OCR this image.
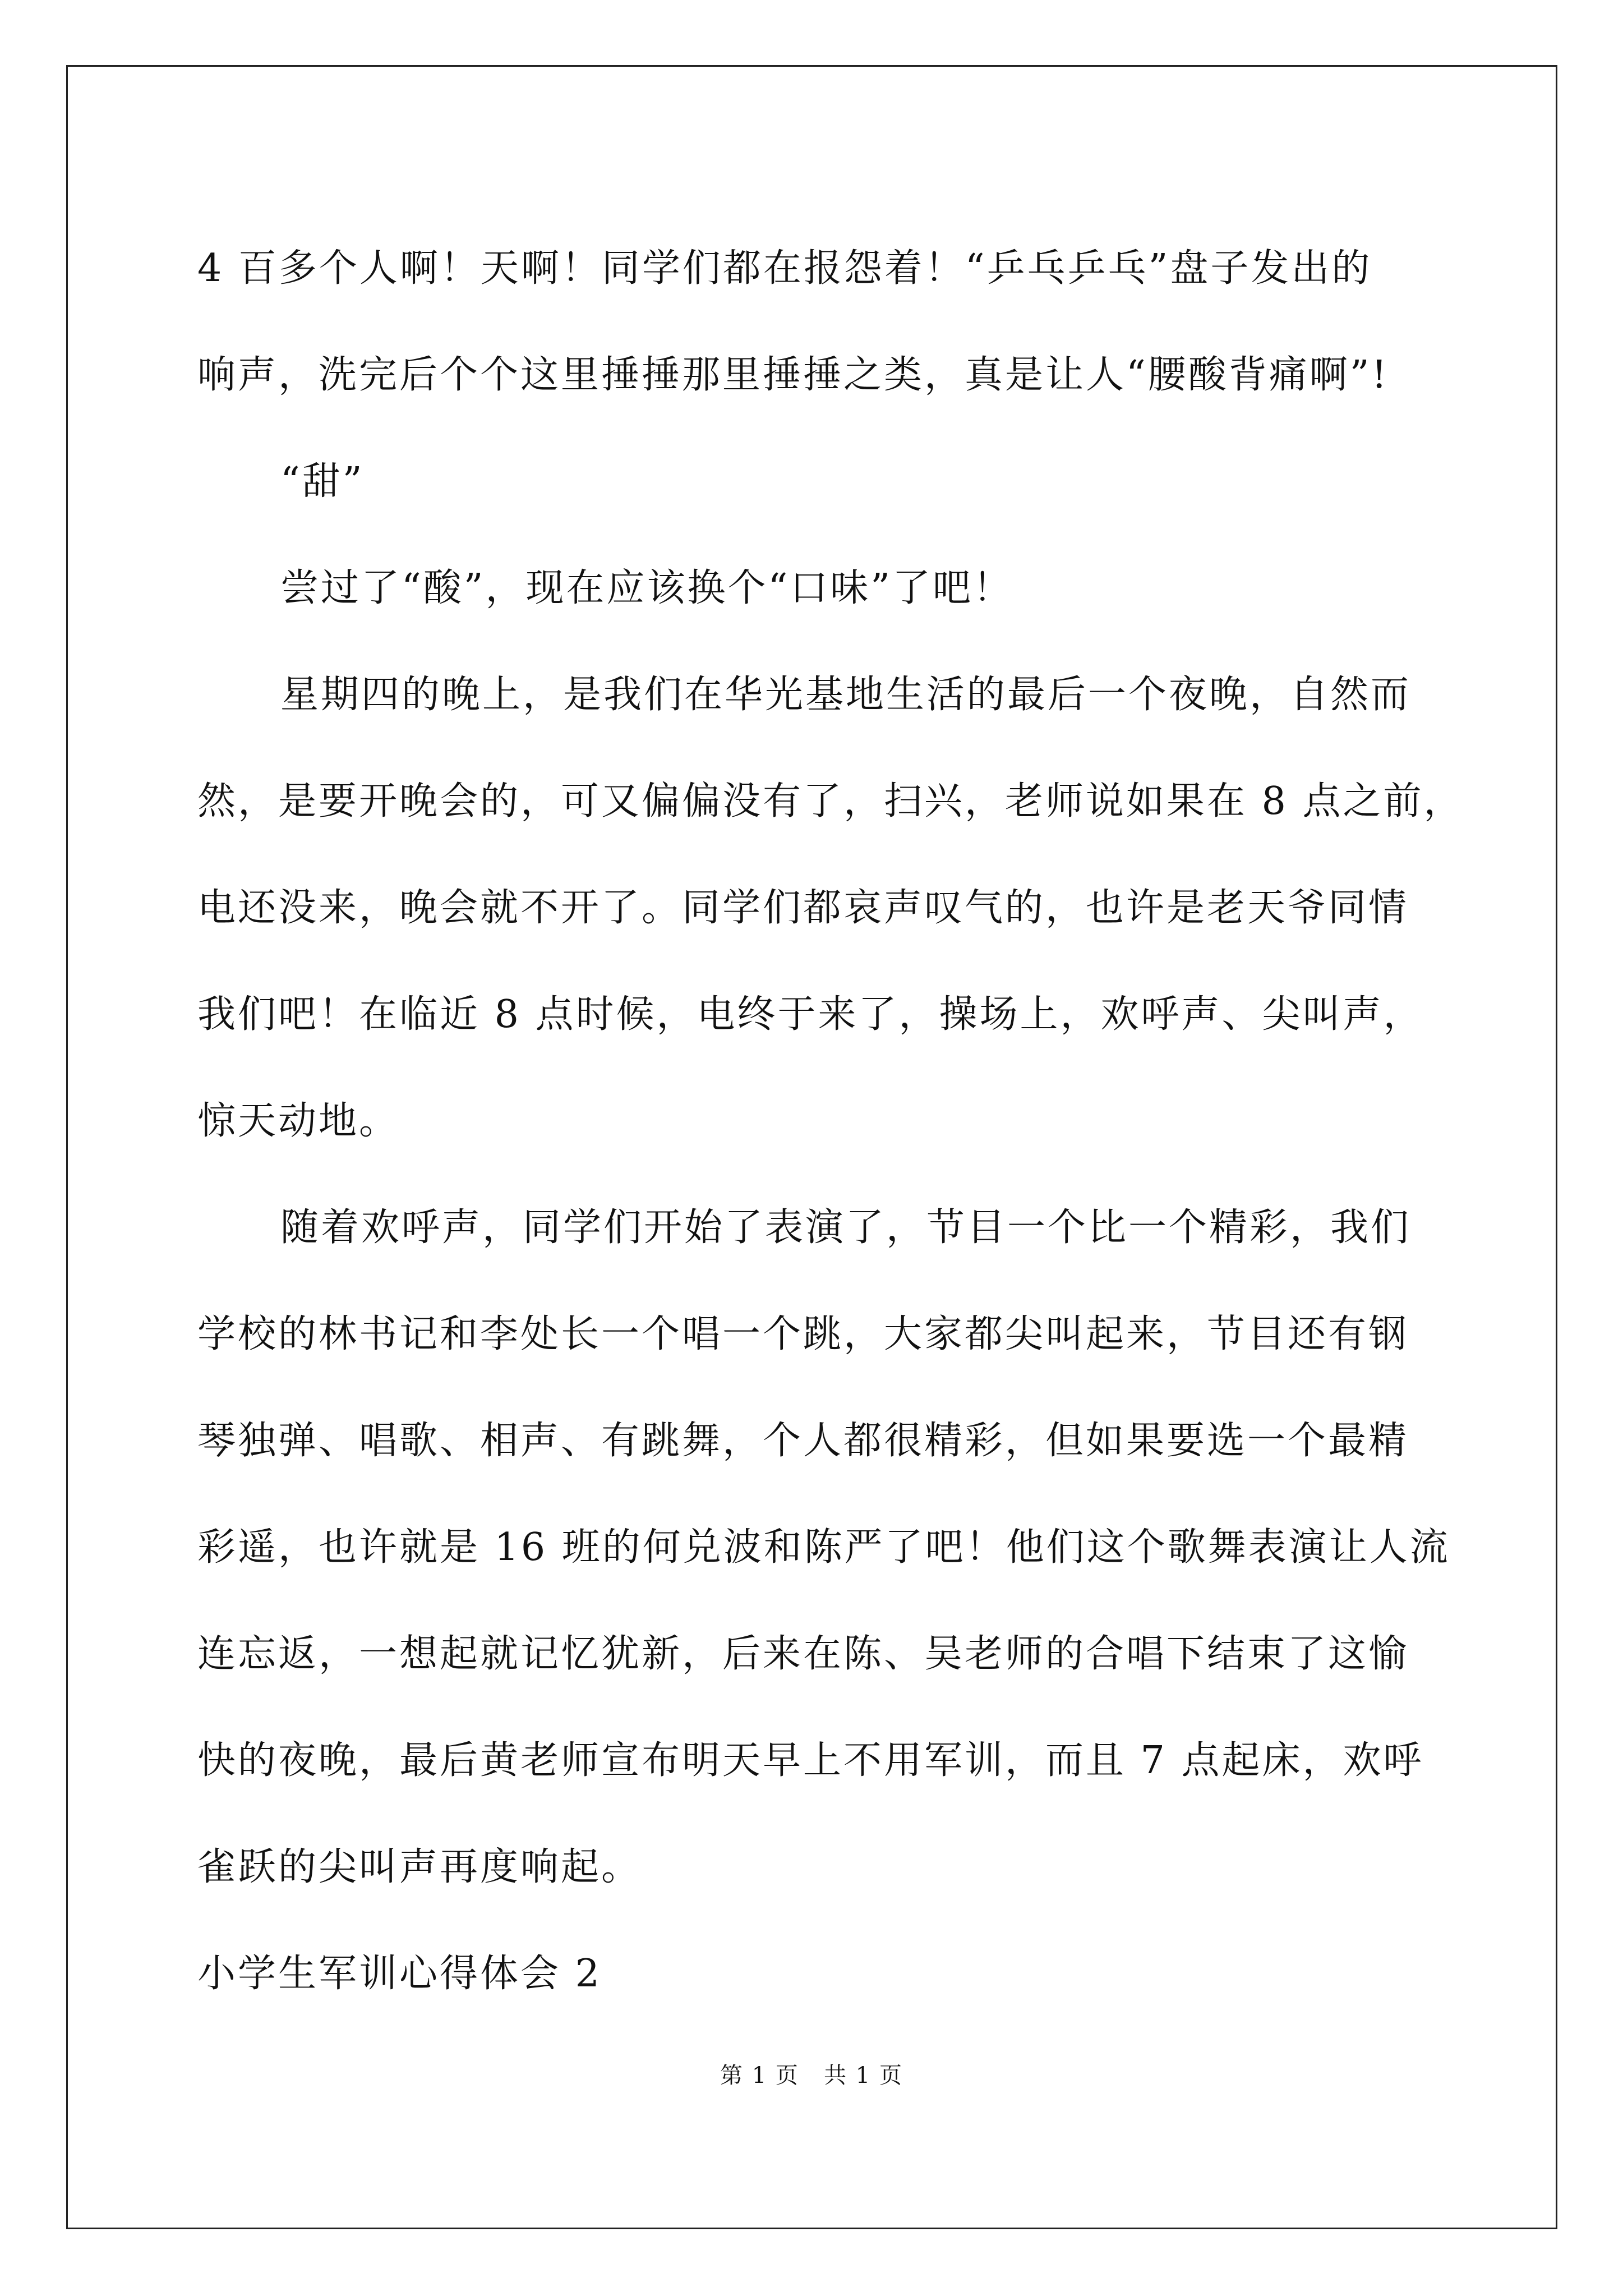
4 百多个人啊！天啊！同学们都在报怨着！“乒乓乒乓”盘子发出的
响声，洗完后个个这里捶捶那里捶捶之类，真是让人“腰酸背痛啊”!
“甜”
尝过了“酸”，现在应该换个“口味”了吧！
星期四的晚上，是我们在华光基地生活的最后一个夜晚，自然而
然，是要开晚会的，可又偏偏没有了，扫兴，老师说如果在 8 点之前，
电还没来，晚会就不开了。同学们都哀声叹气的，也许是老天爷同情
我们吧！在临近 8 点时候，电终于来了，操场上，欢呼声、尖叫声，
惊天动地。
随着欢呼声，同学们开始了表演了，节目一个比一个精彩，我们
学校的林书记和李处长一个唱一个跳，大家都尖叫起来，节目还有钢
琴独弹、唱歌、相声、有跳舞，个人都很精彩，但如果要选一个最精
彩遥，也许就是 16 班的何兑波和陈严了吧！他们这个歌舞表演让人流
连忘返，一想起就记忆犹新，后来在陈、吴老师的合唱下结束了这愉
快的夜晚，最后黄老师宣布明天早上不用军训，而且 7 点起床，欢呼
雀跃的尖叫声再度响起。
小学生军训心得体会 2
第 1 页   共 1 页
